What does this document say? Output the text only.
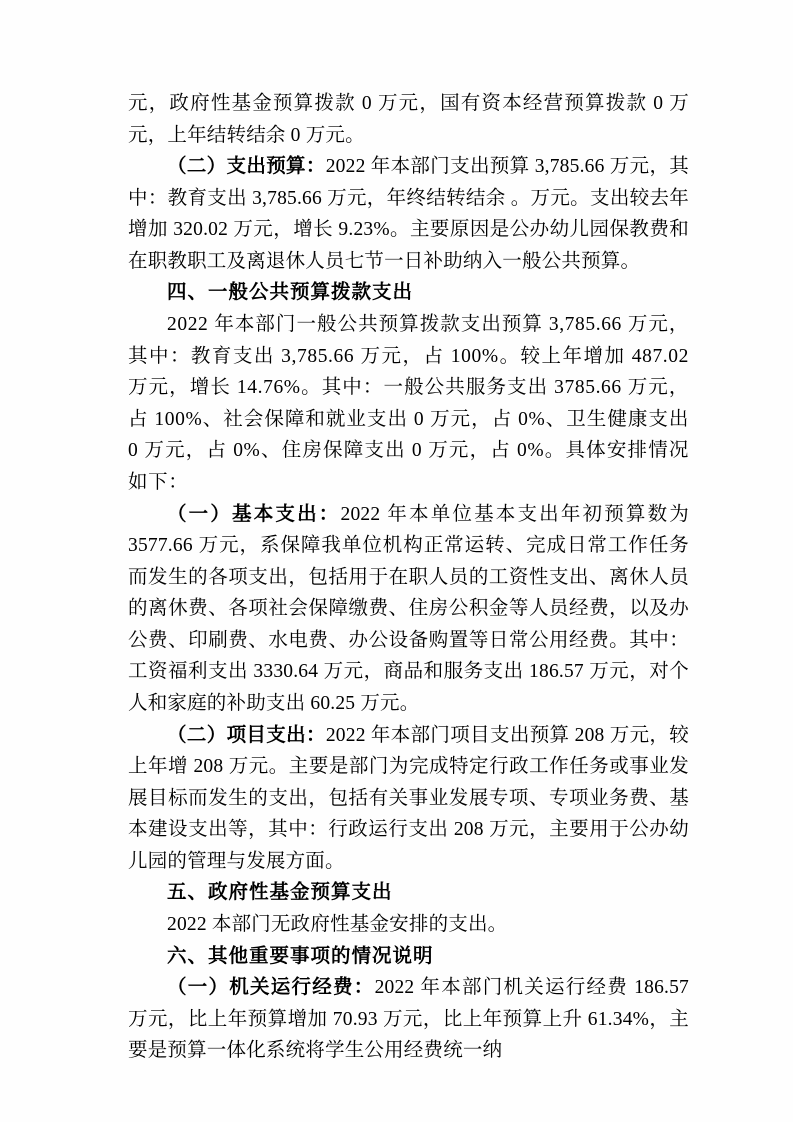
元，政府性基金预算拨款 0 万元，国有资本经营预算拨款 0 万元，上年结转结余 0 万元。

（二）支出预算：2022 年本部门支出预算 3,785.66 万元，其中：教育支出 3,785.66 万元，年终结转结余 。万元。支出较去年增加 320.02 万元，增长 9.23%。主要原因是公办幼儿园保教费和在职教职工及离退休人员七节一日补助纳入一般公共预算。

四、一般公共预算拨款支出

2022 年本部门一般公共预算拨款支出预算 3,785.66 万元，其中：教育支出 3,785.66 万元，占 100%。较上年增加 487.02 万元，增长 14.76%。其中：一般公共服务支出 3785.66 万元，占 100%、社会保障和就业支出 0 万元，占 0%、卫生健康支出 0 万元，占 0%、住房保障支出 0 万元，占 0%。具体安排情况如下：

（一）基本支出：2022 年本单位基本支出年初预算数为 3577.66 万元，系保障我单位机构正常运转、完成日常工作任务而发生的各项支出，包括用于在职人员的工资性支出、离休人员的离休费、各项社会保障缴费、住房公积金等人员经费，以及办公费、印刷费、水电费、办公设备购置等日常公用经费。其中：工资福利支出 3330.64 万元，商品和服务支出 186.57 万元，对个人和家庭的补助支出 60.25 万元。

（二）项目支出：2022 年本部门项目支出预算 208 万元，较上年增 208 万元。主要是部门为完成特定行政工作任务或事业发展目标而发生的支出，包括有关事业发展专项、专项业务费、基本建设支出等，其中：行政运行支出 208 万元，主要用于公办幼儿园的管理与发展方面。

五、政府性基金预算支出

2022 本部门无政府性基金安排的支出。

六、其他重要事项的情况说明

（一）机关运行经费：2022 年本部门机关运行经费 186.57 万元，比上年预算增加 70.93 万元，比上年预算上升 61.34%，主要是预算一体化系统将学生公用经费统一纳
